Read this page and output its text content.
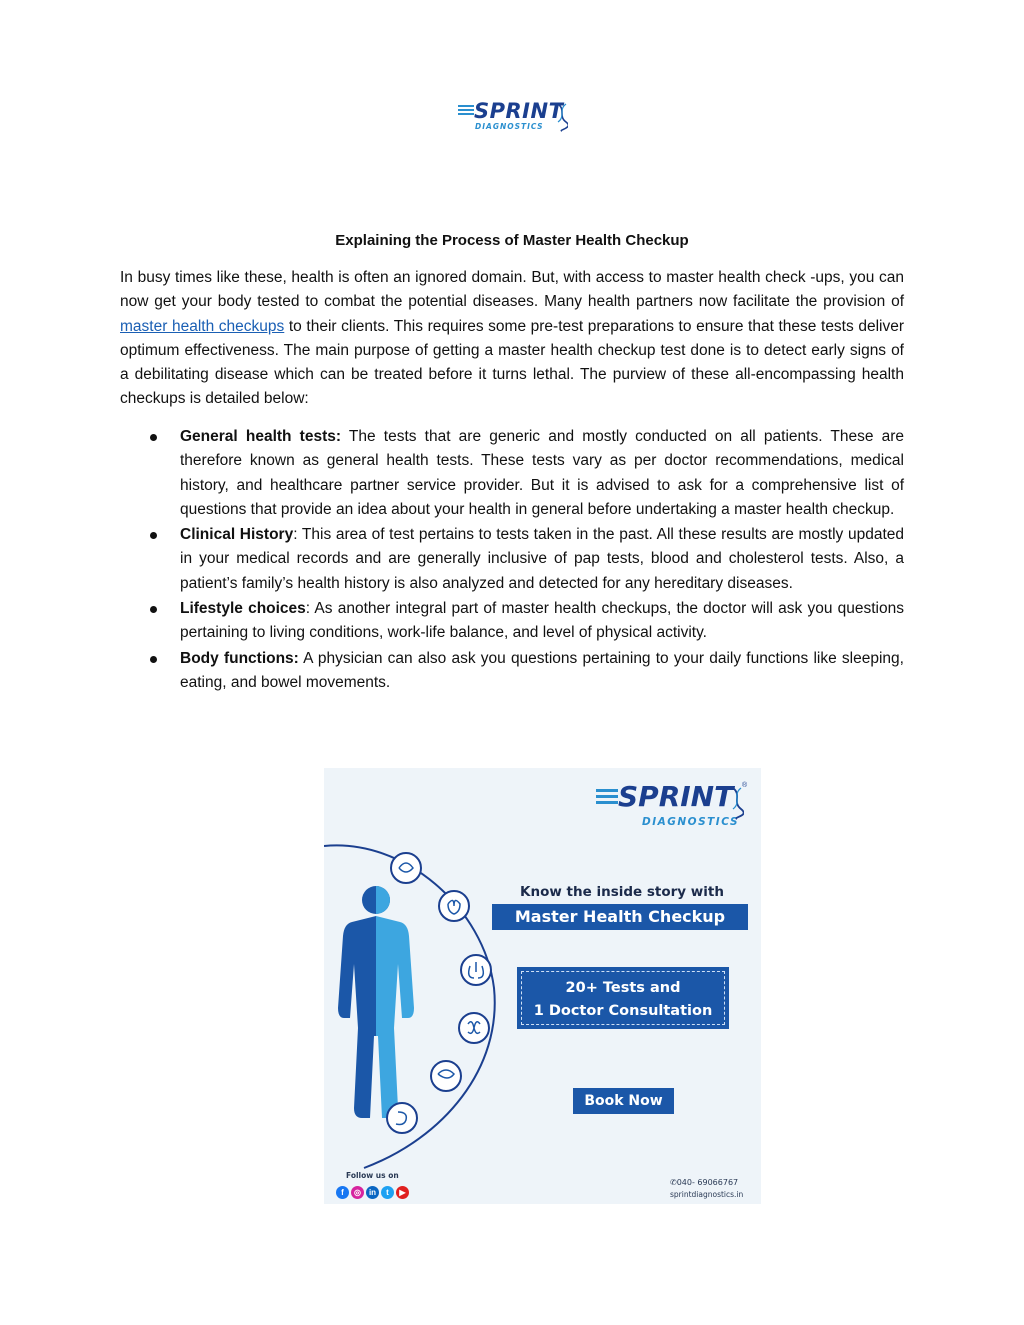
SPRINT
DIAGNOSTICS
Explaining the Process of Master Health Checkup

In busy times like these, health is often an ignored domain. But, with access to master health check -ups, you can now get your body tested to combat the potential diseases. Many health partners now facilitate the provision of master health checkups to their clients. This requires some pre-test preparations to ensure that these tests deliver optimum effectiveness. The main purpose of getting a master health checkup test done is to detect early signs of a debilitating disease which can be treated before it turns lethal. The purview of these all-encompassing health checkups is detailed below:

General health tests: The tests that are generic and mostly conducted on all patients. These are therefore known as general health tests. These tests vary as per doctor recommendations, medical history, and healthcare partner service provider. But it is advised to ask for a comprehensive list of questions that provide an idea about your health in general before undertaking a master health checkup.
Clinical History: This area of test pertains to tests taken in the past. All these results are mostly updated in your medical records and are generally inclusive of pap tests, blood and cholesterol tests. Also, a patient’s family’s health history is also analyzed and detected for any hereditary diseases.
Lifestyle choices: As another integral part of master health checkups, the doctor will ask you questions pertaining to living conditions, work-life balance, and level of physical activity.
Body functions: A physician can also ask you questions pertaining to your daily functions like sleeping, eating, and bowel movements.
SPRINT
DIAGNOSTICS
®
Know the inside story with
Master Health Checkup
20+ Tests and
1 Doctor Consultation
Book Now
Follow us on
f ◎ in t ▶
✆040- 69066767
sprintdiagnostics.in
